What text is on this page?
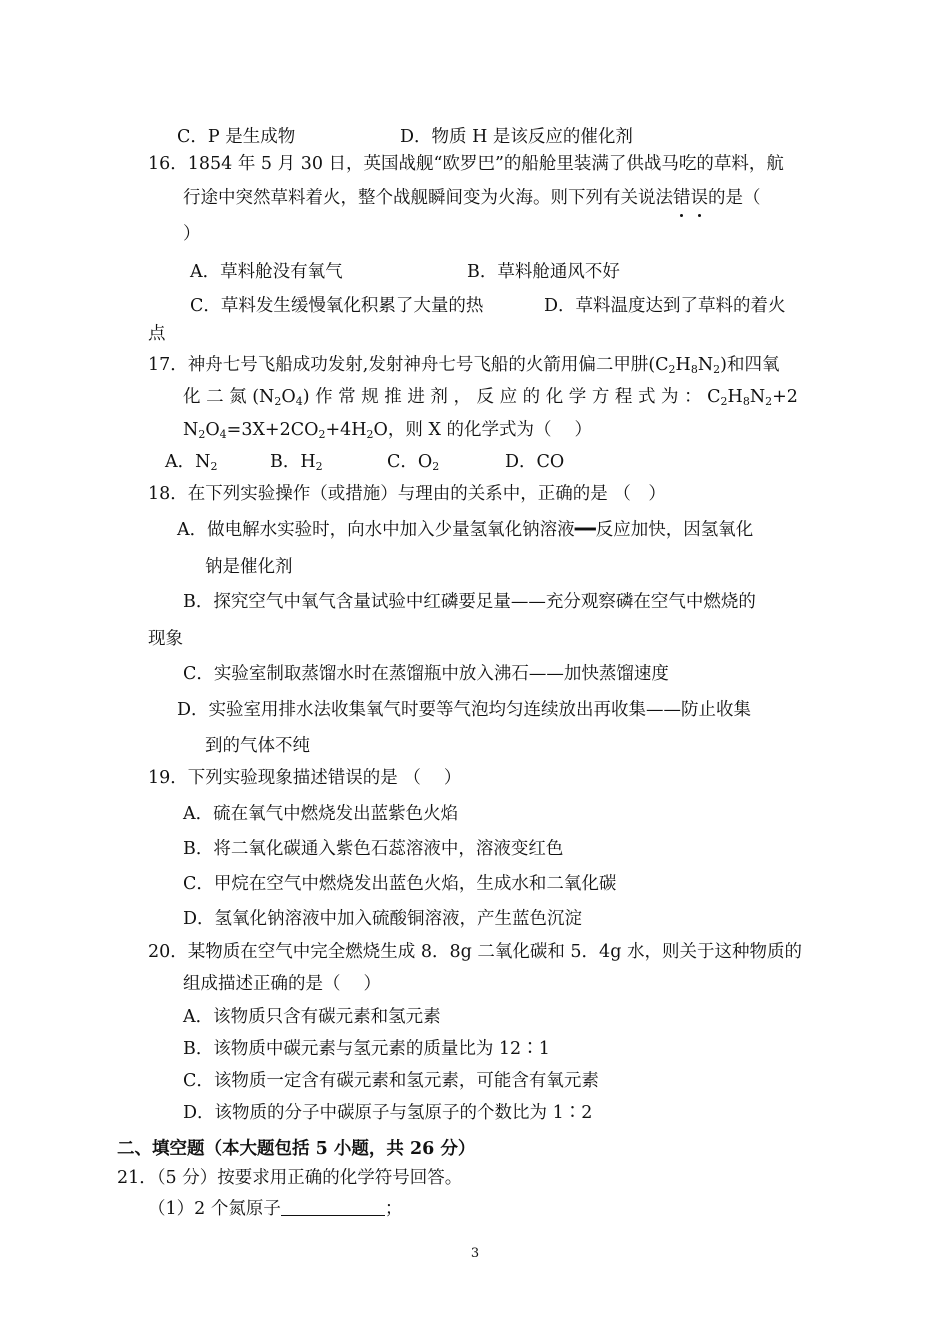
C．P 是生成物	D．物质 H 是该反应的催化剂
16．1854 年 5 月 30 日，英国战舰“欧罗巴”的船舱里装满了供战马吃的草料，航
行途中突然草料着火，整个战舰瞬间变为火海。则下列有关说法错误的是（
）
A．草料舱没有氧气	B．草料舱通风不好
C．草料发生缓慢氧化积累了大量的热	D．草料温度达到了草料的着火
点
17．神舟七号飞船成功发射,发射神舟七号飞船的火箭用偏二甲肼$(C_2H_8N_2)$和四氧
化 二 氮 $(N_2O_4)$ 作 常 规 推 进 剂 ， 反 应 的 化 学 方 程 式 为 ： $C_2H_8N_2+2$
$N_2O_4=3X+2CO_2+4H_2O$，则 X 的化学式为（　 ）
A．$N_2$	B．$H_2$	C．$O_2$	D．CO
18．在下列实验操作（或措施）与理由的关系中，正确的是 （　）
A．做电解水实验时，向水中加入少量氢氧化钠溶液━━反应加快，因氢氧化
钠是催化剂
B．探究空气中氧气含量试验中红磷要足量——充分观察磷在空气中燃烧的
现象
C．实验室制取蒸馏水时在蒸馏瓶中放入沸石——加快蒸馏速度
D．实验室用排水法收集氧气时要等气泡均匀连续放出再收集——防止收集
到的气体不纯
19．下列实验现象描述错误的是 （　 ）
A．硫在氧气中燃烧发出蓝紫色火焰
B．将二氧化碳通入紫色石蕊溶液中，溶液变红色
C．甲烷在空气中燃烧发出蓝色火焰，生成水和二氧化碳
D．氢氧化钠溶液中加入硫酸铜溶液，产生蓝色沉淀
20．某物质在空气中完全燃烧生成 8．8g 二氧化碳和 5．4g 水，则关于这种物质的
组成描述正确的是（　 ）
A．该物质只含有碳元素和氢元素
B．该物质中碳元素与氢元素的质量比为 12∶1
C．该物质一定含有碳元素和氢元素，可能含有氧元素
D．该物质的分子中碳原子与氢原子的个数比为 1∶2
二、填空题（本大题包括 5 小题，共 26 分）
21．（5 分）按要求用正确的化学符号回答。
（1）2 个氮原子	；
3
